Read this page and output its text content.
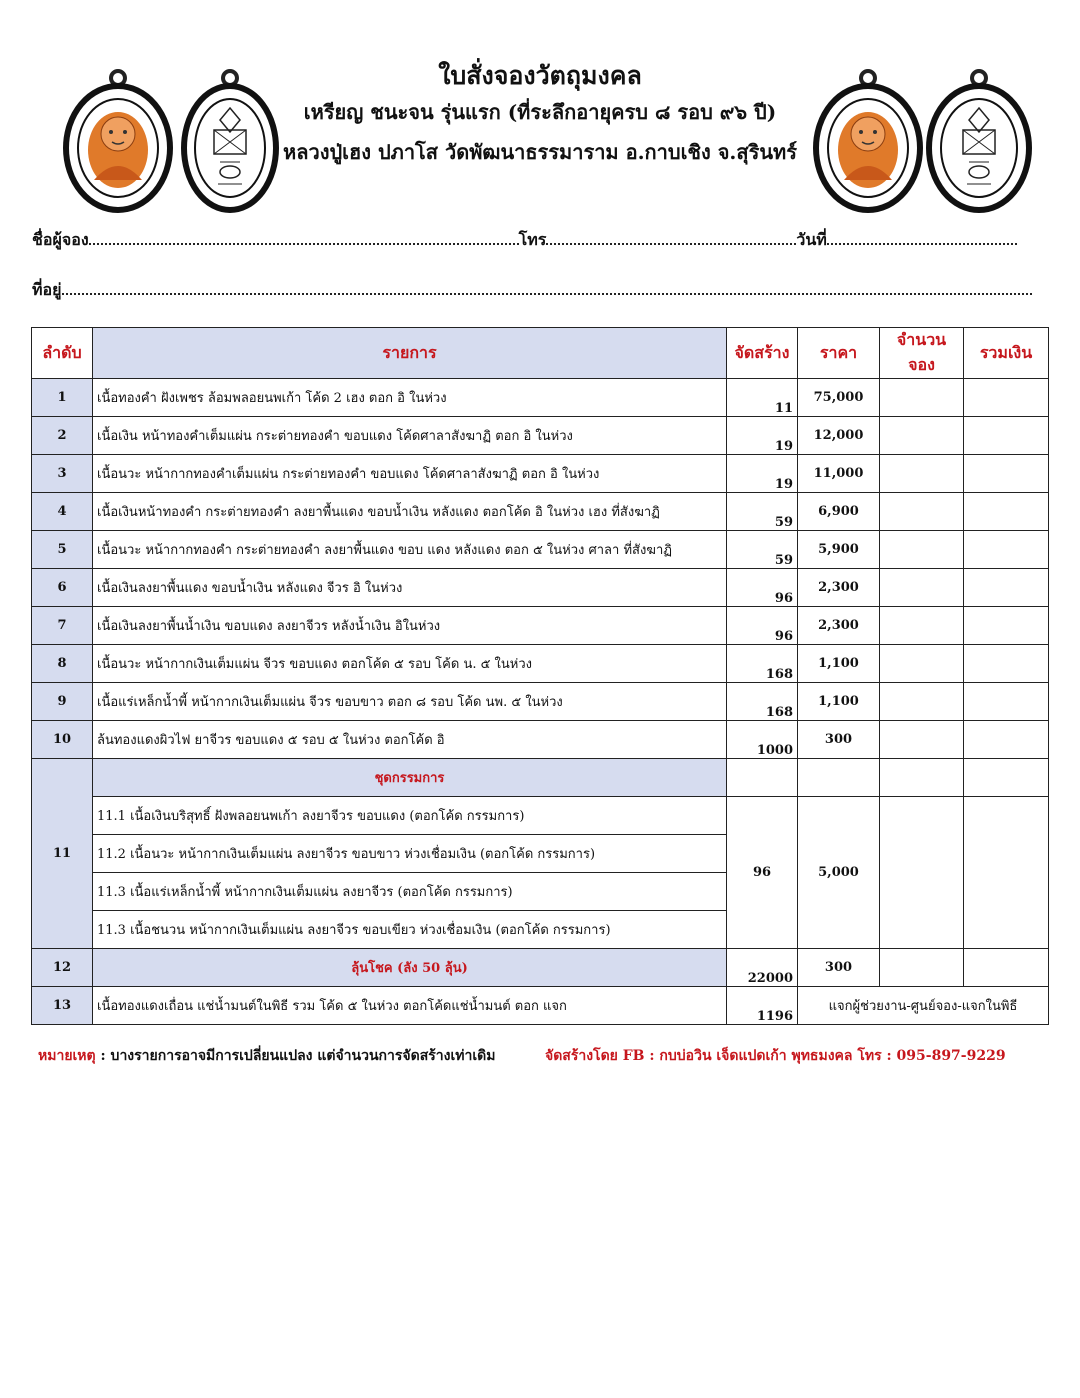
ใบสั่งจองวัตถุมงคล
เหรียญ ชนะจน รุ่นแรก (ที่ระลึกอายุครบ ๘ รอบ ๙๖ ปี)
หลวงปู่เฮง ปภาโส วัดพัฒนาธรรมาราม อ.กาบเชิง จ.สุรินทร์
ชื่อผู้จอง	โทร	วันที่
ที่อยู่
ลำดับ	รายการ	จัดสร้าง	ราคา	จำนวนจอง	รวมเงิน
1	เนื้อทองคำ ฝังเพชร ล้อมพลอยนพเก้า โค้ด 2 เฮง ตอก อิ ในห่วง	11	75,000		
2	เนื้อเงิน หน้าทองคำเต็มแผ่น กระต่ายทองคำ ขอบแดง โค้ดศาลาสังฆาฏิ ตอก อิ ในห่วง	19	12,000		
3	เนื้อนวะ หน้ากากทองคำเต็มแผ่น กระต่ายทองคำ ขอบแดง โค้ดศาลาสังฆาฏิ ตอก อิ ในห่วง	19	11,000		
4	เนื้อเงินหน้าทองคำ กระต่ายทองคำ ลงยาพื้นแดง ขอบน้ำเงิน หลังแดง ตอกโค้ด อิ ในห่วง เฮง ที่สังฆาฏิ	59	6,900		
5	เนื้อนวะ หน้ากากทองคำ กระต่ายทองคำ ลงยาพื้นแดง ขอบ แดง หลังแดง ตอก ๕ ในห่วง ศาลา ที่สังฆาฏิ	59	5,900		
6	เนื้อเงินลงยาพื้นแดง ขอบน้ำเงิน หลังแดง จีวร อิ ในห่วง	96	2,300		
7	เนื้อเงินลงยาพื้นน้ำเงิน ขอบแดง ลงยาจีวร หลังน้ำเงิน อิในห่วง	96	2,300		
8	เนื้อนวะ หน้ากากเงินเต็มแผ่น จีวร ขอบแดง ตอกโค้ด ๕ รอบ โค้ด น. ๕ ในห่วง	168	1,100		
9	เนื้อแร่เหล็กน้ำพี้ หน้ากากเงินเต็มแผ่น จีวร ขอบขาว ตอก ๘ รอบ โค้ด นพ. ๕ ในห่วง	168	1,100		
10	ล้นทองแดงผิวไฟ ยาจีวร ขอบแดง ๕ รอบ ๕ ในห่วง ตอกโค้ด อิ	1000	300		
11	ชุดกรรมการ				
	11.1 เนื้อเงินบริสุทธิ์ ฝังพลอยนพเก้า ลงยาจีวร ขอบแดง (ตอกโค้ด กรรมการ)	96	5,000		
	11.2 เนื้อนวะ หน้ากากเงินเต็มแผ่น ลงยาจีวร ขอบขาว ห่วงเชื่อมเงิน (ตอกโค้ด กรรมการ)				
	11.3 เนื้อแร่เหล็กน้ำพี้ หน้ากากเงินเต็มแผ่น ลงยาจีวร (ตอกโค้ด กรรมการ)				
	11.3 เนื้อชนวน หน้ากากเงินเต็มแผ่น ลงยาจีวร ขอบเขียว ห่วงเชื่อมเงิน (ตอกโค้ด กรรมการ)				
12	ลุ้นโชค (ลัง 50 ลุ้น)	22000	300		
13	เนื้อทองแดงเถื่อน แช่น้ำมนต์ในพิธี รวม โค้ด ๕ ในห่วง ตอกโค้ดแช่น้ำมนต์ ตอก แจก	1196	แจกผู้ช่วยงาน-ศูนย์จอง-แจกในพิธี		
หมายเหตุ : บางรายการอาจมีการเปลี่ยนแปลง แต่จำนวนการจัดสร้างเท่าเดิม	จัดสร้างโดย FB : กบบ่อวิน เจ็ดแปดเก้า พุทธมงคล โทร : 095-897-9229
